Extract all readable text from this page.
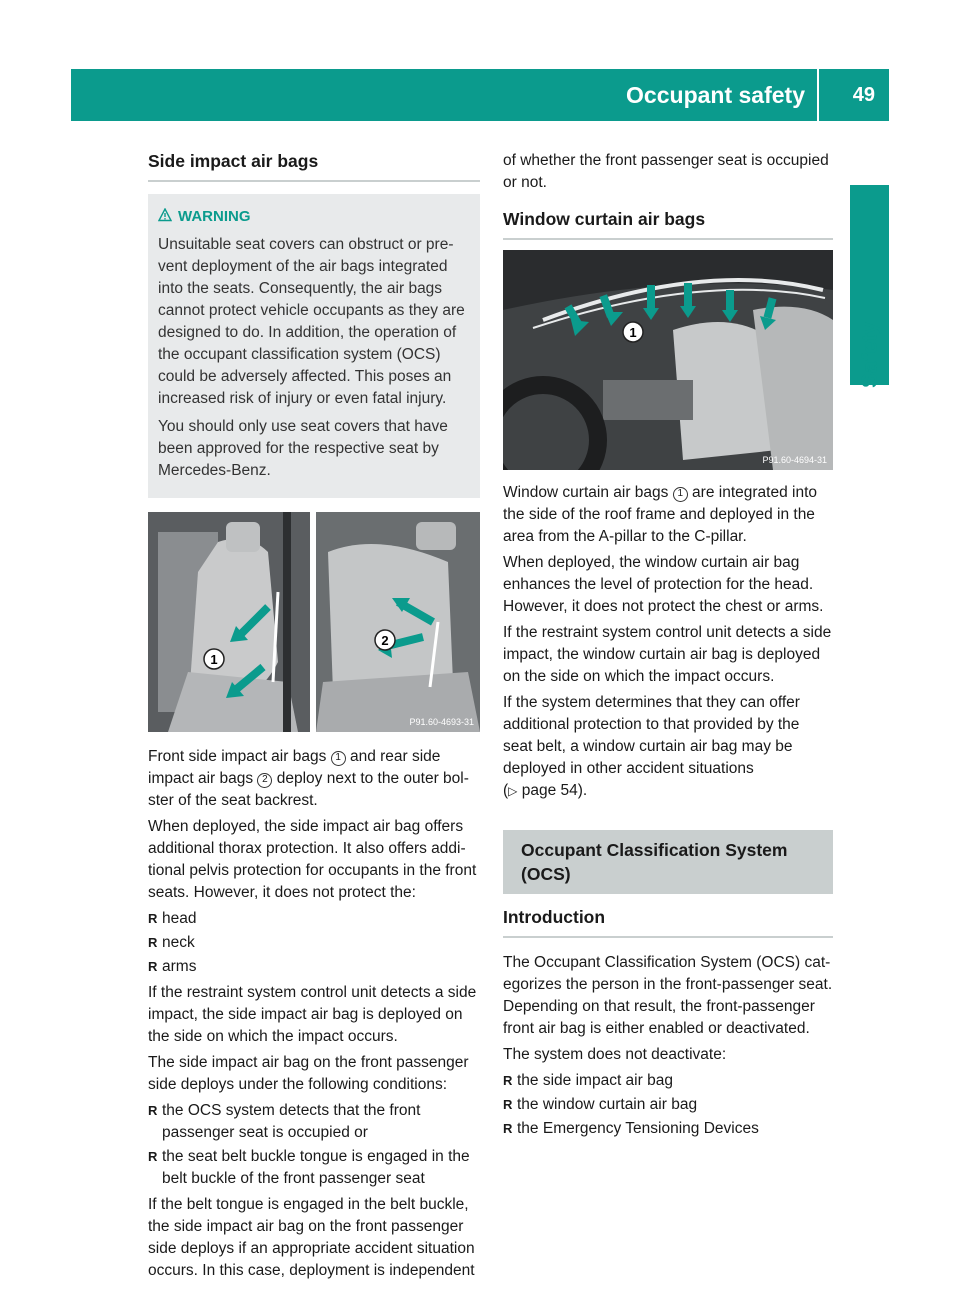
Occupant safety	49
Safety
Side impact air bags
WARNING

Unsuitable seat covers can obstruct or pre-vent deployment of the air bags integrated into the seats. Consequently, the air bags cannot protect vehicle occupants as they are designed to do. In addition, the operation of the occupant classification system (OCS) could be adversely affected. This poses an increased risk of injury or even fatal injury.

You should only use seat covers that have been approved for the respective seat by Mercedes-Benz.

1
2
P91.60-4693-31

Front side impact air bags 1 and rear side impact air bags 2 deploy next to the outer bol-ster of the seat backrest.

When deployed, the side impact air bag offers additional thorax protection. It also offers addi-tional pelvis protection for occupants in the front seats. However, it does not protect the:

R head
R neck
R arms

If the restraint system control unit detects a side impact, the side impact air bag is deployed on the side on which the impact occurs.

The side impact air bag on the front passenger side deploys under the following conditions:

R the OCS system detects that the front passenger seat is occupied or
R the seat belt buckle tongue is engaged in the belt buckle of the front passenger seat

If the belt tongue is engaged in the belt buckle, the side impact air bag on the front passenger side deploys if an appropriate accident situation occurs. In this case, deployment is independent

of whether the front passenger seat is occupied or not.

Window curtain air bags
1
P91.60-4694-31

Window curtain air bags 1 are integrated into the side of the roof frame and deployed in the area from the A-pillar to the C-pillar.

When deployed, the window curtain air bag enhances the level of protection for the head. However, it does not protect the chest or arms.

If the restraint system control unit detects a side impact, the window curtain air bag is deployed on the side on which the impact occurs.

If the system determines that they can offer additional protection to that provided by the seat belt, a window curtain air bag may be deployed in other accident situations
(▷ page 54).

Occupant Classification System (OCS)
Introduction

The Occupant Classification System (OCS) cat-egorizes the person in the front-passenger seat. Depending on that result, the front-passenger front air bag is either enabled or deactivated.

The system does not deactivate:

R the side impact air bag
R the window curtain air bag
R the Emergency Tensioning Devices
